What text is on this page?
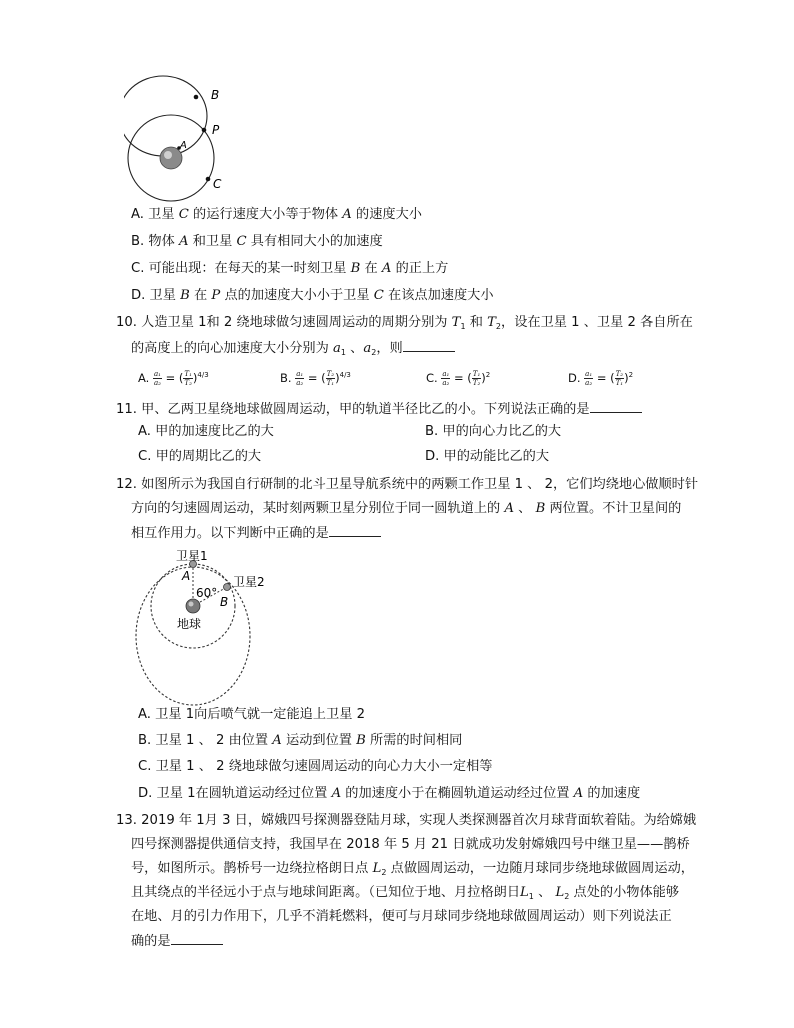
B
P
A
C
A. 卫星 C 的运行速度大小等于物体 A 的速度大小
B. 物体 A 和卫星 C 具有相同大小的加速度
C. 可能出现：在每天的某一时刻卫星 B 在 A 的正上方
D. 卫星 B 在 P 点的加速度大小小于卫星 C 在该点加速度大小
10. 人造卫星 1和 2 绕地球做匀速圆周运动的周期分别为 $T_1$ 和 $T_2$，设在卫星 1 、卫星 2 各自所在
的高度上的向心加速度大小分别为 $a_1$ 、$a_2$，则
A. $\frac{\text{a₁}}{\text{a₂}}$ = ( $\frac{\text{T₁}}{\text{T₂}} )^{4/3}$	B. $\frac{\text{a₁}}{\text{a₂}}$ = ( $\frac{\text{T₂}}{\text{T₁}} )^{4/3}$	C. $\frac{\text{a₁}}{\text{a₂}}$ = ( $\frac{\text{T₁}}{\text{T₂}} )^2$	D. $\frac{\text{a₁}}{\text{a₂}}$ = ( $\frac{\text{T₂}}{\text{T₁}} )^2$
11. 甲、乙两卫星绕地球做圆周运动，甲的轨道半径比乙的小。下列说法正确的是
A. 甲的加速度比乙的大	B. 甲的向心力比乙的大
C. 甲的周期比乙的大	D. 甲的动能比乙的大
12. 如图所示为我国自行研制的北斗卫星导航系统中的两颗工作卫星 1 、 2，它们均绕地心做顺时针
方向的匀速圆周运动，某时刻两颗卫星分别位于同一圆轨道上的 A 、 B 两位置。不计卫星间的
相互作用力。以下判断中正确的是
卫星1
卫星2
A
B
60°
地球
A. 卫星 1向后喷气就一定能追上卫星 2
B. 卫星 1 、 2 由位置 A 运动到位置 B 所需的时间相同
C. 卫星 1 、 2 绕地球做匀速圆周运动的向心力大小一定相等
D. 卫星 1在圆轨道运动经过位置 A 的加速度小于在椭圆轨道运动经过位置 A 的加速度
13. 2019 年 1月 3 日，嫦娥四号探测器登陆月球，实现人类探测器首次月球背面软着陆。为给嫦娥
四号探测器提供通信支持，我国早在 2018 年 5 月 21 日就成功发射嫦娥四号中继卫星——鹊桥
号，如图所示。鹊桥号一边绕拉格朗日点 $L_2$ 点做圆周运动，一边随月球同步绕地球做圆周运动，
且其绕点的半径远小于点与地球间距离。（已知位于地、月拉格朗日$L_1$ 、 $L_2$ 点处的小物体能够
在地、月的引力作用下，几乎不消耗燃料，便可与月球同步绕地球做圆周运动）则下列说法正
确的是
